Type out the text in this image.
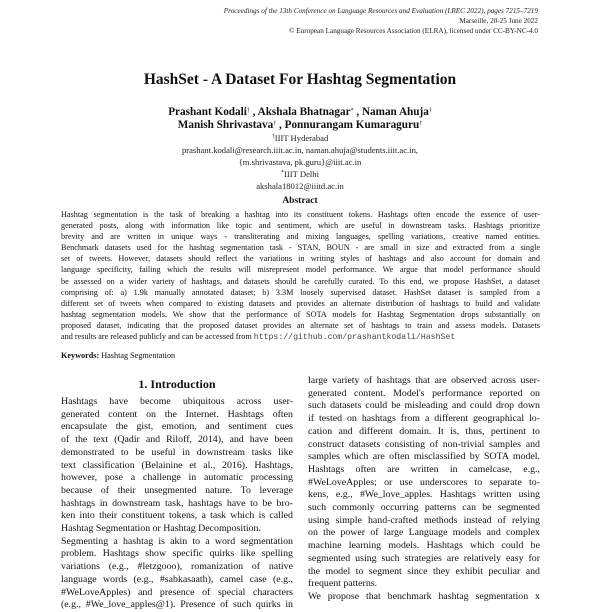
Proceedings of the 13th Conference on Language Resources and Evaluation (LREC 2022), pages 7215–7219
Marseille, 20-25 June 2022
© European Language Resources Association (ELRA), licensed under CC-BY-NC-4.0
HashSet - A Dataset For Hashtag Segmentation
Prashant Kodali† , Akshala Bhatnagar* , Naman Ahuja†
Manish Shrivastava† , Ponnurangam Kumaraguru†
†IIIT Hyderabad
prashant.kodali@research.iiit.ac.in, naman.ahuja@students.iiit.ac.in,
{m.shrivastava, pk.guru}@iiit.ac.in
*IIIT Delhi
akshala18012@iiitd.ac.in
Abstract
Hashtag segmentation is the task of breaking a hashtag into its constituent tokens. Hashtags often encode the essence of user-
generated posts, along with information like topic and sentiment, which are useful in downstream tasks. Hashtags prioritize
brevity and are written in unique ways - transliterating and mixing languages, spelling variations, creative named entities.
Benchmark datasets used for the hashtag segmentation task - STAN, BOUN - are small in size and extracted from a single
set of tweets. However, datasets should reflect the variations in writing styles of hashtags and also account for domain and
language specificity, failing which the results will misrepresent model performance. We argue that model performance should
be assessed on a wider variety of hashtags, and datasets should be carefully curated. To this end, we propose HashSet, a dataset
comprising of: a) 1.9k manually annotated dataset; b) 3.3M loosely supervised dataset. HashSet dataset is sampled from a
different set of tweets when compared to existing datasets and provides an alternate distribution of hashtags to build and validate
hashtag segmentation models. We show that the performance of SOTA models for Hashtag Segmentation drops substantially on
proposed dataset, indicating that the proposed dataset provides an alternate set of hashtags to train and assess models. Datasets
and results are released publicly and can be accessed from https://github.com/prashantkodali/HashSet
Keywords: Hashtag Segmentation
1. Introduction
Hashtags have become ubiquitous across user-
generated content on the Internet. Hashtags often
encapsulate the gist, emotion, and sentiment cues
of the text (Qadir and Riloff, 2014), and have been
demonstrated to be useful in downstream tasks like
text classification (Belainine et al., 2016). Hashtags,
however, pose a challenge in automatic processing
because of their unsegmented nature. To leverage
hashtags in downstream task, hashtags have to be bro-
ken into their constituent tokens, a task which is called
Hashtag Segmentation or Hashtag Decomposition.
Segmenting a hashtag is akin to a word segmentation
problem. Hashtags show specific quirks like spelling
variations (e.g., #letzgooo), romanization of native
language words (e.g., #sabkasaath), camel case (e.g.,
#WeLoveApples) and presence of special characters
(e.g., #We_love_apples@1). Presence of such quirks in
large variety of hashtags that are observed across user-
generated content. Model's performance reported on
such datasets could be misleading and could drop down
if tested on hashtags from a different geographical lo-
cation and different domain. It is, thus, pertinent to
construct datasets consisting of non-trivial samples and
samples which are often misclassified by SOTA model.
Hashtags often are written in camelcase, e.g.,
#WeLoveApples; or use underscores to separate to-
kens, e.g., #We_love_apples. Hashtags written using
such commonly occurring patterns can be segmented
using simple hand-crafted methods instead of relying
on the power of large Language models and complex
machine learning models. Hashtags which could be
segmented using such strategies are relatively easy for
the model to segment since they exhibit peculiar and
frequent patterns.
We propose that benchmark hashtag segmentation x
